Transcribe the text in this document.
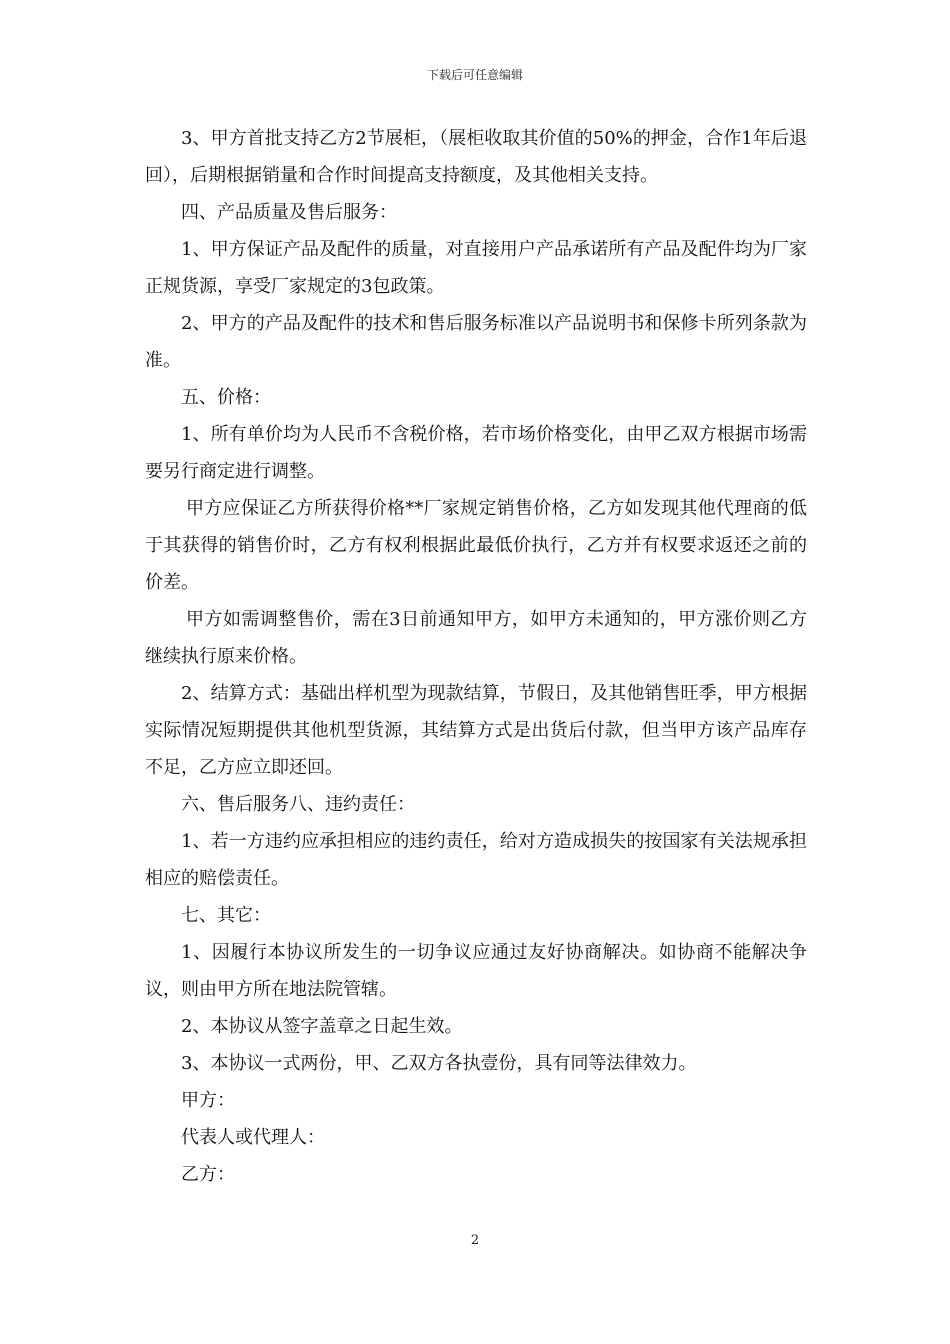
下载后可任意编辑

3、甲方首批支持乙方2节展柜，（展柜收取其价值的50%的押金，合作1年后退回），后期根据销量和合作时间提高支持额度，及其他相关支持。

四、产品质量及售后服务：

1、甲方保证产品及配件的质量，对直接用户产品承诺所有产品及配件均为厂家正规货源，享受厂家规定的3包政策。

2、甲方的产品及配件的技术和售后服务标准以产品说明书和保修卡所列条款为准。

五、价格：

1、所有单价均为人民币不含税价格，若市场价格变化，由甲乙双方根据市场需要另行商定进行调整。

甲方应保证乙方所获得价格**厂家规定销售价格，乙方如发现其他代理商的低于其获得的销售价时，乙方有权利根据此最低价执行，乙方并有权要求返还之前的价差。

甲方如需调整售价，需在3日前通知甲方，如甲方未通知的，甲方涨价则乙方继续执行原来价格。

2、结算方式：基础出样机型为现款结算，节假日，及其他销售旺季，甲方根据实际情况短期提供其他机型货源，其结算方式是出货后付款，但当甲方该产品库存不足，乙方应立即还回。

六、售后服务八、违约责任：

1、若一方违约应承担相应的违约责任，给对方造成损失的按国家有关法规承担相应的赔偿责任。

七、其它：

1、因履行本协议所发生的一切争议应通过友好协商解决。如协商不能解决争议，则由甲方所在地法院管辖。

2、本协议从签字盖章之日起生效。

3、本协议一式两份，甲、乙双方各执壹份，具有同等法律效力。

甲方：

代表人或代理人：

乙方：

2
